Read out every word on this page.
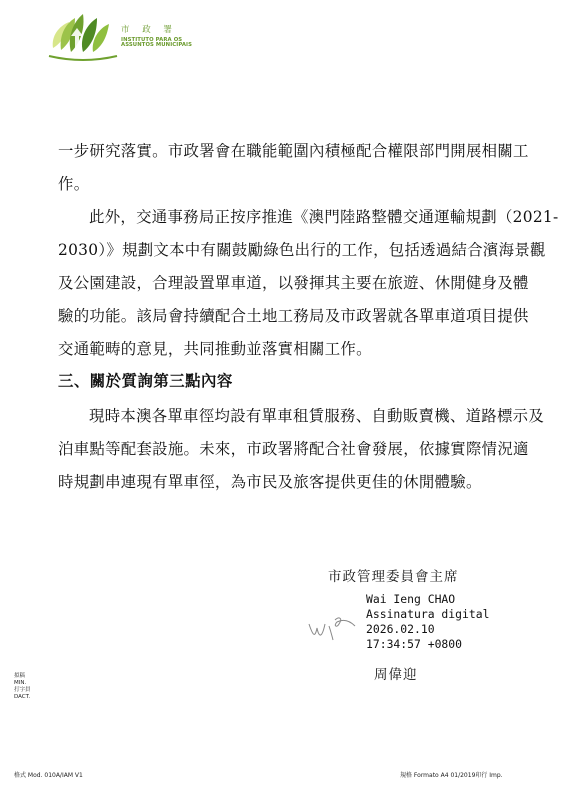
市 政 署
INSTITUTO PARA OS
ASSUNTOS MUNICIPAIS
一步研究落實。市政署會在職能範圍內積極配合權限部門開展相關工
作。
此外，交通事務局正按序推進《澳門陸路整體交通運輸規劃（2021-
2030）》規劃文本中有關鼓勵綠色出行的工作，包括透過結合濱海景觀
及公園建設，合理設置單車道，以發揮其主要在旅遊、休閒健身及體
驗的功能。該局會持續配合土地工務局及市政署就各單車道項目提供
交通範畴的意見，共同推動並落實相關工作。
三、關於質詢第三點內容
現時本澳各單車徑均設有單車租賃服務、自動販賣機、道路標示及
泊車點等配套設施。未來，市政署將配合社會發展，依據實際情況適
時規劃串連現有單車徑，為市民及旅客提供更佳的休閒體驗。
市政管理委員會主席
Wai Ieng CHAO
Assinatura digital
2026.02.10
17:34:57 +0800
周偉迎
拟稿
MIN.
打字員
DACT.
格式 Mod. 010A/IAM V1	規格 Formato A4 01/2019印行 Imp.
